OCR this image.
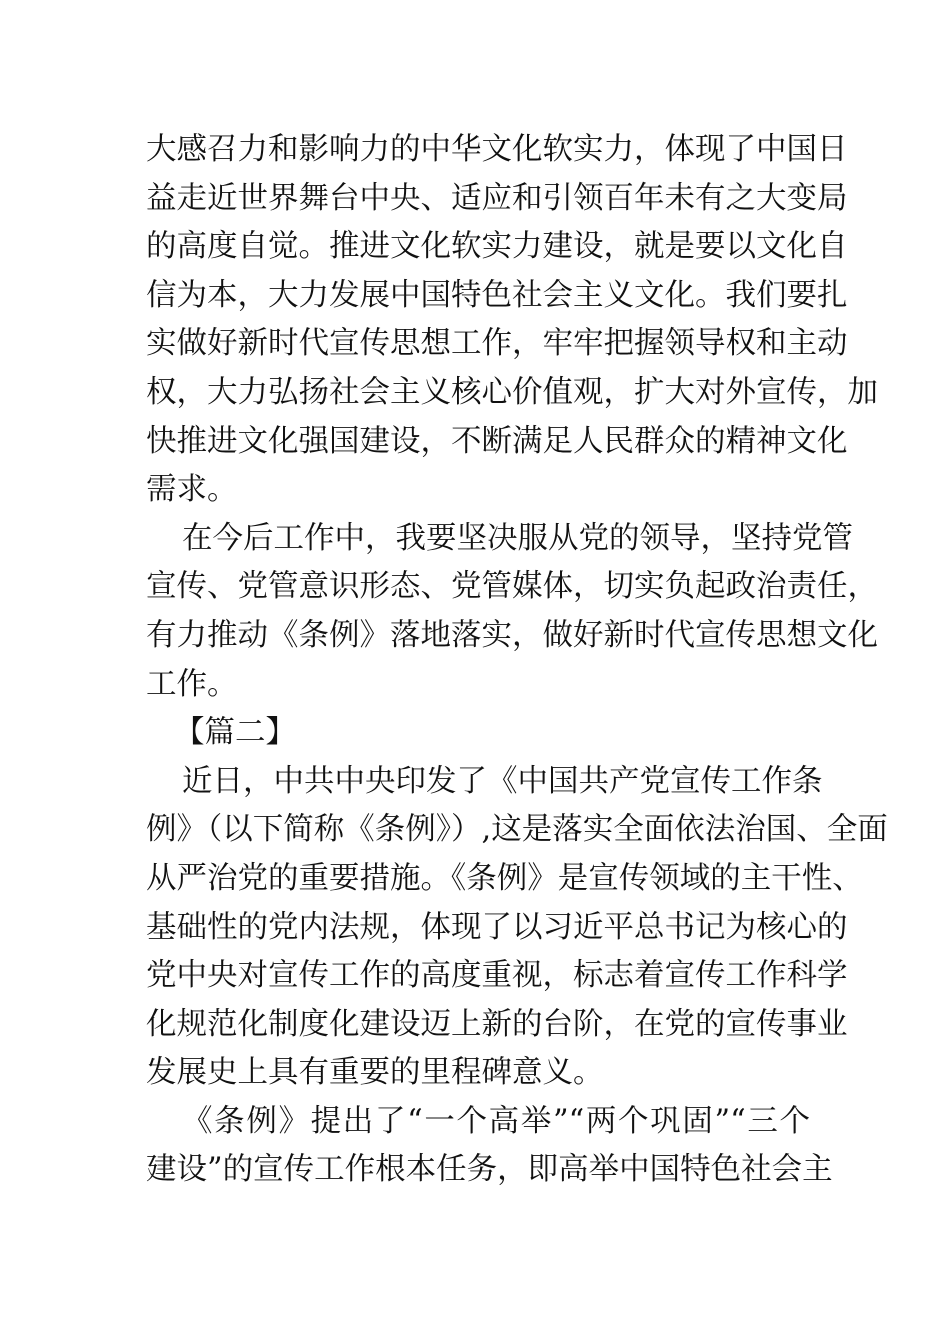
大感召力和影响力的中华文化软实力，体现了中国日
益走近世界舞台中央、适应和引领百年未有之大变局
的高度自觉。推进文化软实力建设，就是要以文化自
信为本，大力发展中国特色社会主义文化。我们要扎
实做好新时代宣传思想工作，牢牢把握领导权和主动
权，大力弘扬社会主义核心价值观，扩大对外宣传，加
快推进文化强国建设，不断满足人民群众的精神文化
需求。
在今后工作中，我要坚决服从党的领导，坚持党管
宣传、党管意识形态、党管媒体，切实负起政治责任，
有力推动《条例》落地落实，做好新时代宣传思想文化
工作。
【篇二】
近日，中共中央印发了《中国共产党宣传工作条
例》（以下简称《条例》）,这是落实全面依法治国、全面
从严治党的重要措施。《条例》是宣传领域的主干性、
基础性的党内法规，体现了以习近平总书记为核心的
党中央对宣传工作的高度重视，标志着宣传工作科学
化规范化制度化建设迈上新的台阶，在党的宣传事业
发展史上具有重要的里程碑意义。
《条例》提出了“一个高举”“两个巩固”“三个
建设”的宣传工作根本任务，即高举中国特色社会主
